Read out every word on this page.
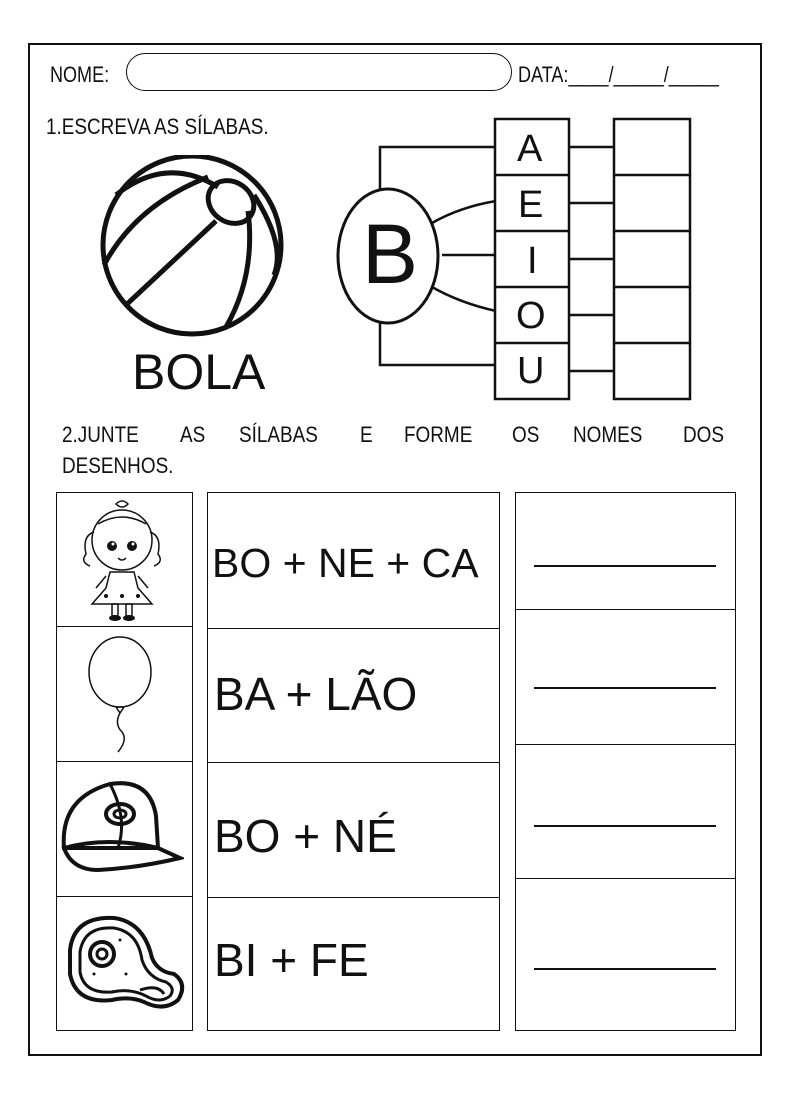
NOME:	DATA:____/_____/_____
1.ESCREVA AS SÍLABAS.
BOLA
B
A
E
I
O
U
2.JUNTE AS SÍLABAS E FORME OS NOMES DOS
DESENHOS.
BO + NE + CA
BA + LÃO
BO + NÉ
BI + FE
